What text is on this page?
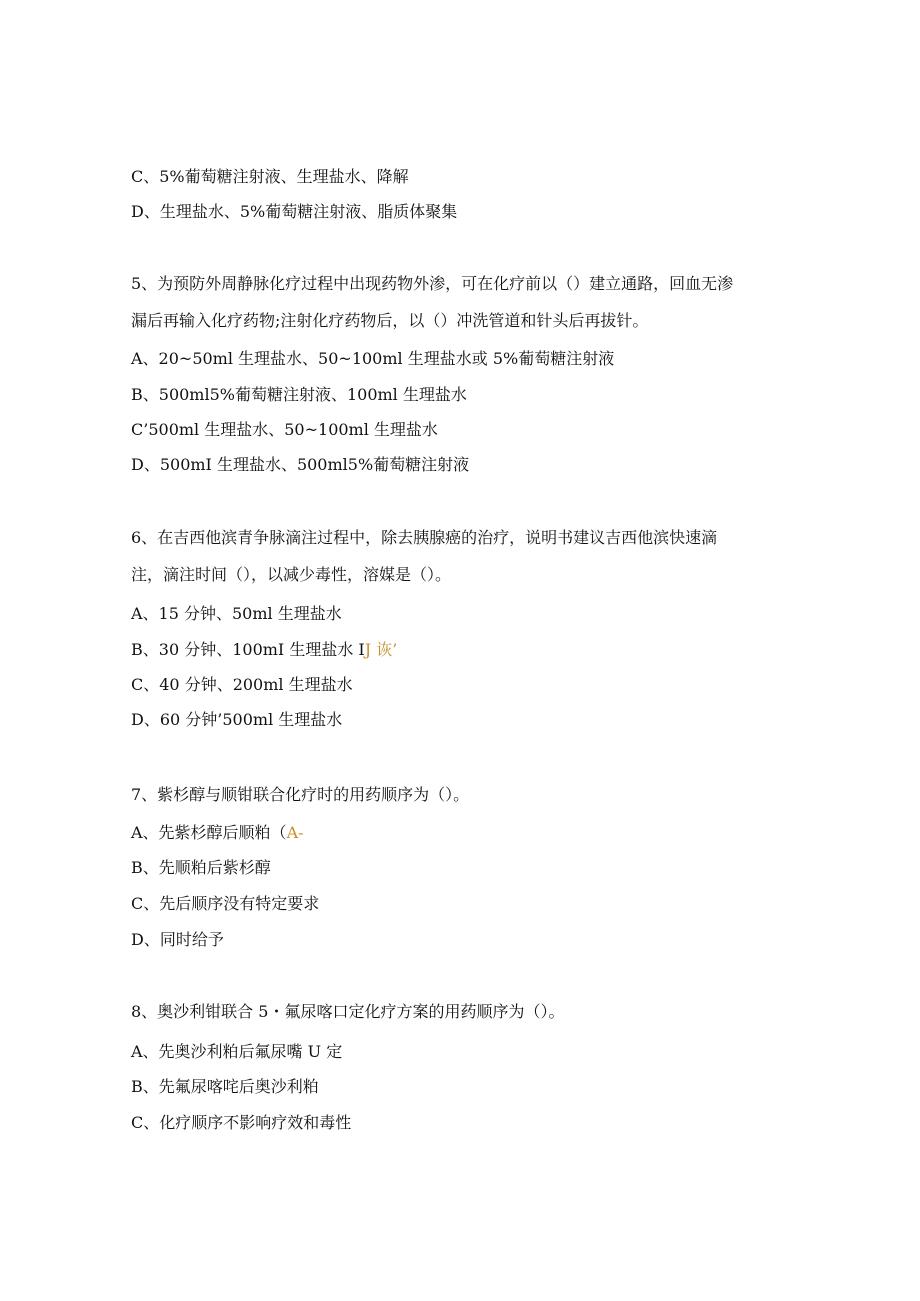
C、5%葡萄糖注射液、生理盐水、降解
D、生理盐水、5%葡萄糖注射液、脂质体聚集
5、为预防外周静脉化疗过程中出现药物外渗，可在化疗前以（）建立通路，回血无渗
漏后再输入化疗药物;注射化疗药物后，以（）冲洗管道和针头后再拔针。
A、20~50ml 生理盐水、50~100ml 生理盐水或 5%葡萄糖注射液
B、500ml5%葡萄糖注射液、100ml 生理盐水
C’500ml 生理盐水、50~100ml 生理盐水
D、500mI 生理盐水、500ml5%葡萄糖注射液
6、在吉西他滨青争脉滴注过程中，除去胰腺癌的治疗，说明书建议吉西他滨快速滴
注，滴注时间（），以减少毒性，溶媒是（）。
A、15 分钟、50ml 生理盐水
B、30 分钟、100mI 生理盐水 IJ 诙’
C、40 分钟、200ml 生理盐水
D、60 分钟’500ml 生理盐水
7、紫杉醇与顺钳联合化疗时的用药顺序为（）。
A、先紫杉醇后顺粕（A-
B、先顺粕后紫杉醇
C、先后顺序没有特定要求
D、同时给予
8、奥沙利钳联合 5・氟尿喀口定化疗方案的用药顺序为（）。
A、先奥沙利粕后氟尿嘴 U 定
B、先氟尿喀咤后奥沙利粕
C、化疗顺序不影响疗效和毒性
